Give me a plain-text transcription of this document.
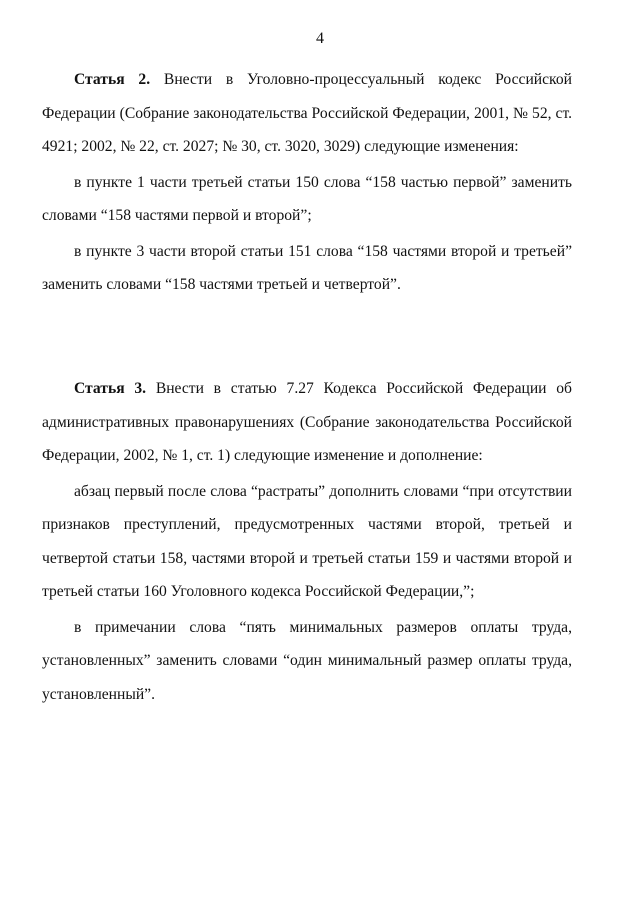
4

Статья 2. Внести в Уголовно-процессуальный кодекс Российской Федерации (Собрание законодательства Российской Федерации, 2001, № 52, ст. 4921; 2002, № 22, ст. 2027; № 30, ст. 3020, 3029) следующие изменения:

в пункте 1 части третьей статьи 150 слова “158 частью первой” заменить словами “158 частями первой и второй”;

в пункте 3 части второй статьи 151 слова “158 частями второй и третьей” заменить словами “158 частями третьей и четвертой”.

Статья 3. Внести в статью 7.27 Кодекса Российской Федерации об административных правонарушениях (Собрание законодательства Российской Федерации, 2002, № 1, ст. 1) следующие изменение и дополнение:

абзац первый после слова “растраты” дополнить словами “при отсутствии признаков преступлений, предусмотренных частями второй, третьей и четвертой статьи 158, частями второй и третьей статьи 159 и частями второй и третьей статьи 160 Уголовного кодекса Российской Федерации,”;

в примечании слова “пять минимальных размеров оплаты труда, установленных” заменить словами “один минимальный размер оплаты труда, установленный”.
